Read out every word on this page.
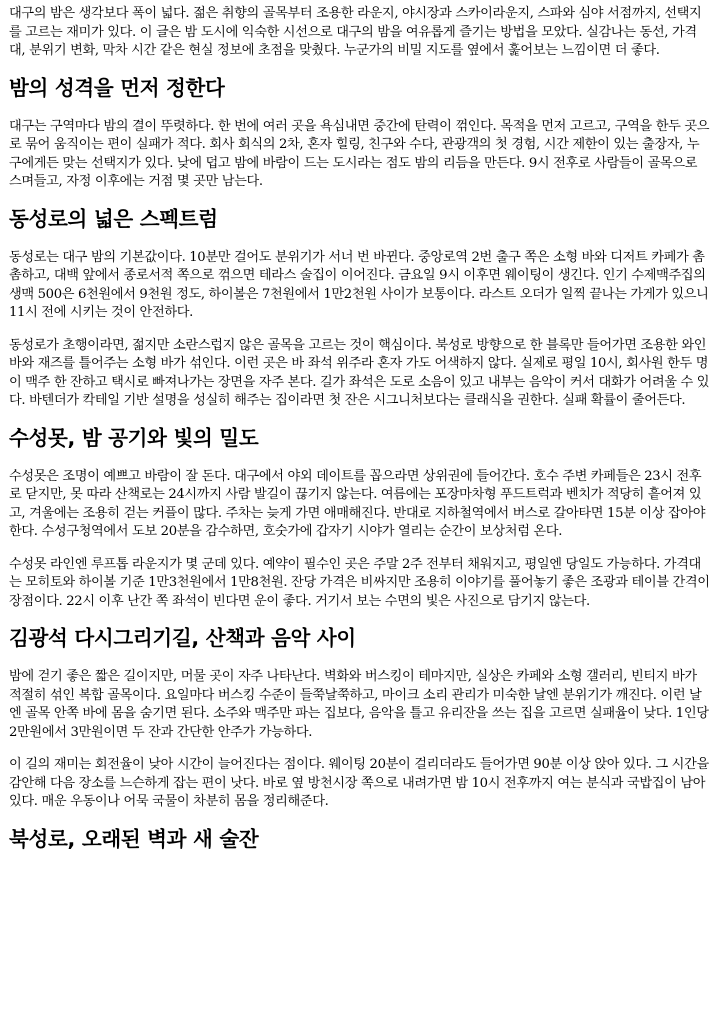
대구의 밤은 생각보다 폭이 넓다. 젊은 취향의 골목부터 조용한 라운지, 야시장과 스카이라운지, 스파와 심야 서점까지, 선택지를 고르는 재미가 있다. 이 글은 밤 도시에 익숙한 시선으로 대구의 밤을 여유롭게 즐기는 방법을 모았다. 실감나는 동선, 가격대, 분위기 변화, 막차 시간 같은 현실 정보에 초점을 맞췄다. 누군가의 비밀 지도를 옆에서 훑어보는 느낌이면 더 좋다.

밤의 성격을 먼저 정한다

대구는 구역마다 밤의 결이 뚜렷하다. 한 번에 여러 곳을 욕심내면 중간에 탄력이 꺾인다. 목적을 먼저 고르고, 구역을 한두 곳으로 묶어 움직이는 편이 실패가 적다. 회사 회식의 2차, 혼자 힐링, 친구와 수다, 관광객의 첫 경험, 시간 제한이 있는 출장자, 누구에게든 맞는 선택지가 있다. 낮에 덥고 밤에 바람이 드는 도시라는 점도 밤의 리듬을 만든다. 9시 전후로 사람들이 골목으로 스며들고, 자정 이후에는 거점 몇 곳만 남는다.

동성로의 넓은 스펙트럼

동성로는 대구 밤의 기본값이다. 10분만 걸어도 분위기가 서너 번 바뀐다. 중앙로역 2번 출구 쪽은 소형 바와 디저트 카페가 촘촘하고, 대백 앞에서 종로서적 쪽으로 꺾으면 테라스 술집이 이어진다. 금요일 9시 이후면 웨이팅이 생긴다. 인기 수제맥주집의 생맥 500은 6천원에서 9천원 정도, 하이볼은 7천원에서 1만2천원 사이가 보통이다. 라스트 오더가 일찍 끝나는 가게가 있으니 11시 전에 시키는 것이 안전하다.

동성로가 초행이라면, 젊지만 소란스럽지 않은 골목을 고르는 것이 핵심이다. 북성로 방향으로 한 블록만 들어가면 조용한 와인바와 재즈를 틀어주는 소형 바가 섞인다. 이런 곳은 바 좌석 위주라 혼자 가도 어색하지 않다. 실제로 평일 10시, 회사원 한두 명이 맥주 한 잔하고 택시로 빠져나가는 장면을 자주 본다. 길가 좌석은 도로 소음이 있고 내부는 음악이 커서 대화가 어려울 수 있다. 바텐더가 칵테일 기반 설명을 성실히 해주는 집이라면 첫 잔은 시그니처보다는 클래식을 권한다. 실패 확률이 줄어든다.

수성못, 밤 공기와 빛의 밀도

수성못은 조명이 예쁘고 바람이 잘 돈다. 대구에서 야외 데이트를 꼽으라면 상위권에 들어간다. 호수 주변 카페들은 23시 전후로 닫지만, 못 따라 산책로는 24시까지 사람 발길이 끊기지 않는다. 여름에는 포장마차형 푸드트럭과 벤치가 적당히 흩어져 있고, 겨울에는 조용히 걷는 커플이 많다. 주차는 늦게 가면 애매해진다. 반대로 지하철역에서 버스로 갈아타면 15분 이상 잡아야 한다. 수성구청역에서 도보 20분을 감수하면, 호숫가에 갑자기 시야가 열리는 순간이 보상처럼 온다.

수성못 라인엔 루프톱 라운지가 몇 군데 있다. 예약이 필수인 곳은 주말 2주 전부터 채워지고, 평일엔 당일도 가능하다. 가격대는 모히토와 하이볼 기준 1만3천원에서 1만8천원. 잔당 가격은 비싸지만 조용히 이야기를 풀어놓기 좋은 조광과 테이블 간격이 장점이다. 22시 이후 난간 쪽 좌석이 빈다면 운이 좋다. 거기서 보는 수면의 빛은 사진으로 담기지 않는다.

김광석 다시그리기길, 산책과 음악 사이

밤에 걷기 좋은 짧은 길이지만, 머물 곳이 자주 나타난다. 벽화와 버스킹이 테마지만, 실상은 카페와 소형 갤러리, 빈티지 바가 적절히 섞인 복합 골목이다. 요일마다 버스킹 수준이 들쭉날쭉하고, 마이크 소리 관리가 미숙한 날엔 분위기가 깨진다. 이런 날엔 골목 안쪽 바에 몸을 숨기면 된다. 소주와 맥주만 파는 집보다, 음악을 틀고 유리잔을 쓰는 집을 고르면 실패율이 낮다. 1인당 2만원에서 3만원이면 두 잔과 간단한 안주가 가능하다.

이 길의 재미는 회전율이 낮아 시간이 늘어진다는 점이다. 웨이팅 20분이 걸리더라도 들어가면 90분 이상 앉아 있다. 그 시간을 감안해 다음 장소를 느슨하게 잡는 편이 낫다. 바로 옆 방천시장 쪽으로 내려가면 밤 10시 전후까지 여는 분식과 국밥집이 남아 있다. 매운 우동이나 어묵 국물이 차분히 몸을 정리해준다.

북성로, 오래된 벽과 새 술잔
